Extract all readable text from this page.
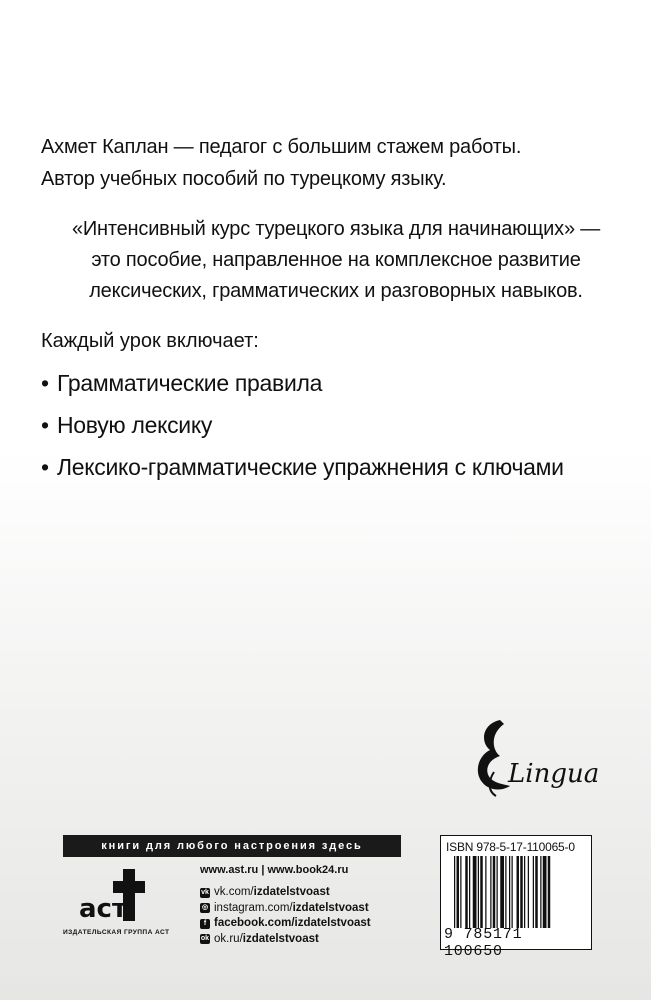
Ахмет Каплан — педагог с большим стажем работы.

Автор учебных пособий по турецкому языку.

«Интенсивный курс турецкого языка для начинающих» —

это пособие, направленное на комплексное развитие

лексических, грамматических и разговорных навыков.

Каждый урок включает:
• Грамматические правила
• Новую лексику
• Лексико-грамматические упражнения с ключами
Lingua
книги для любого настроения здесь
аст
ИЗДАТЕЛЬСКАЯ ГРУППА АСТ
www.ast.ru | www.book24.ru
vk vk.com/ izdatelstvoast
◎ instagram.com/ izdatelstvoast
f facebook.com/ izdatelstvoast
ok ok.ru/ izdatelstvoast
ISBN 978-5-17-110065-0
9 785171 100650
